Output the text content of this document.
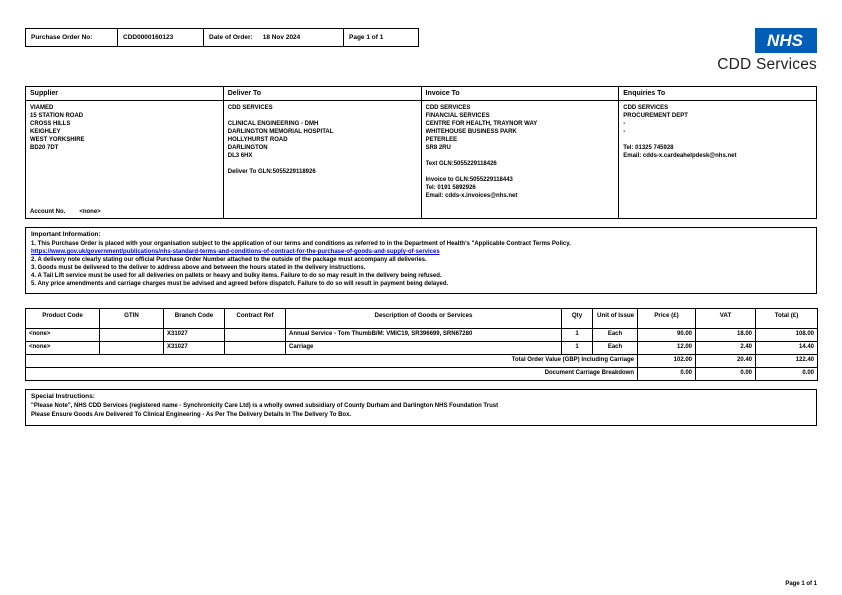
Purchase Order No:	CDD0000160123	Date of Order: 18 Nov 2024	Page 1 of 1	NHS
CDD Services
Supplier	Deliver To	Invoice To	Enquiries To

VIAMED
15 STATION ROAD
CROSS HILLS
KEIGHLEY
WEST YORKSHIRE
BD20 7DT
Account No. <none>

CDD SERVICES
CLINICAL ENGINEERING - DMH
DARLINGTON MEMORIAL HOSPITAL
HOLLYHURST ROAD
DARLINGTON
DL3 6HX
Deliver To GLN:5055229118926

CDD SERVICES
FINANCIAL SERVICES
CENTRE FOR HEALTH, TRAYNOR WAY
WHITEHOUSE BUSINESS PARK
PETERLEE
SR8 2RU
Text GLN:5055229118426
Invoice to GLN:5055229118443
Tel: 0191 5892926
Email: cdds-x.invoices@nhs.net

CDD SERVICES
PROCUREMENT DEPT
-
-
Tel: 01325 745928
Email: cdds-x.cardeahelpdesk@nhs.net
Important Information:
1. This Purchase Order is placed with your organisation subject to the application of our terms and conditions as referred to in the Department of Health's "Applicable Contract Terms Policy.
https://www.gov.uk/government/publications/nhs-standard-terms-and-conditions-of-contract-for-the-purchase-of-goods-and-supply-of-services
2. A delivery note clearly stating our official Purchase Order Number attached to the outside of the package must accompany all deliveries.
3. Goods must be delivered to the deliver to address above and between the hours stated in the delivery instructions.
4. A Tail Lift service must be used for all deliveries on pallets or heavy and bulky items. Failure to do so may result in the delivery being refused.
5. Any price amendments and carriage charges must be advised and agreed before dispatch. Failure to do so will result in payment being delayed.
Product Code	GTIN	Branch Code	Contract Ref	Description of Goods or Services	Qty	Unit of Issue	Price (£)	VAT	Total (£)
<none>		X31027		Annual Service - Tom ThumbB/M: VMIC19, SR396699, SRN67280	1	Each	90.00	18.00	108.00
<none>		X31027		Carriage	1	Each	12.00	2.40	14.40
Total Order Value (GBP) Including Carriage							102.00	20.40	122.40
Document Carriage Breakdown							0.00	0.00	0.00
Special Instructions:
"Please Note", NHS CDD Services (registered name - Synchronicity Care Ltd) is a wholly owned subsidiary of County Durham and Darlington NHS Foundation Trust
Please Ensure Goods Are Delivered To Clinical Engineering - As Per The Delivery Details In The Delivery To Box.
Page 1 of 1
